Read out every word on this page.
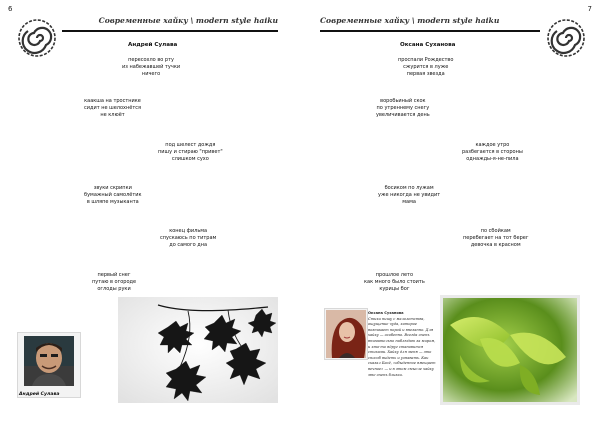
6
Современные хайку \ modern style haiku
Андрей Сулава
пересохло во рту
из набежавшей тучки
ничего
каакша на тростнике
сидит не шелохнётся
не клюёт
под шелест дождя
пишу и стираю "привет"
слишком сухо
звуки скрипки
бумажный самолётик
в шляпе музыканта
конец фильма
спускаюсь по титрам
до самого дна
первый снег
путаю в огороде
оглоды руки
Андрей Сулава
7
Современные хайку \ modern style haiku
Оксана Суханова
проспали Рождество
сжурится в луже
первая звезда
воробьиный скок
по утреннему снегу
увеличивается день
каждое утро
разбегается в стороны
однажды-я-не-пила
босиком по лужам
уже никогда не увидит
мама
по сбойкам
перебегает на тот берег
девочка в красном
прошлое лето
как много было стоить
курицы бог
Оксана Суханова
Стихи пишу с малолетства, ощущение чуда, которое возникает порой и внезапно. Для хайку — особенно. Всегда очень внимательно наблюдаю за миром, и кто-то вдруг становится стихами. Хайку для меня — это способ видеть и узнавать. Как сказал Басё, «обыденное вмещает вечное» — и в этом смысле хайку мне очень близки.
